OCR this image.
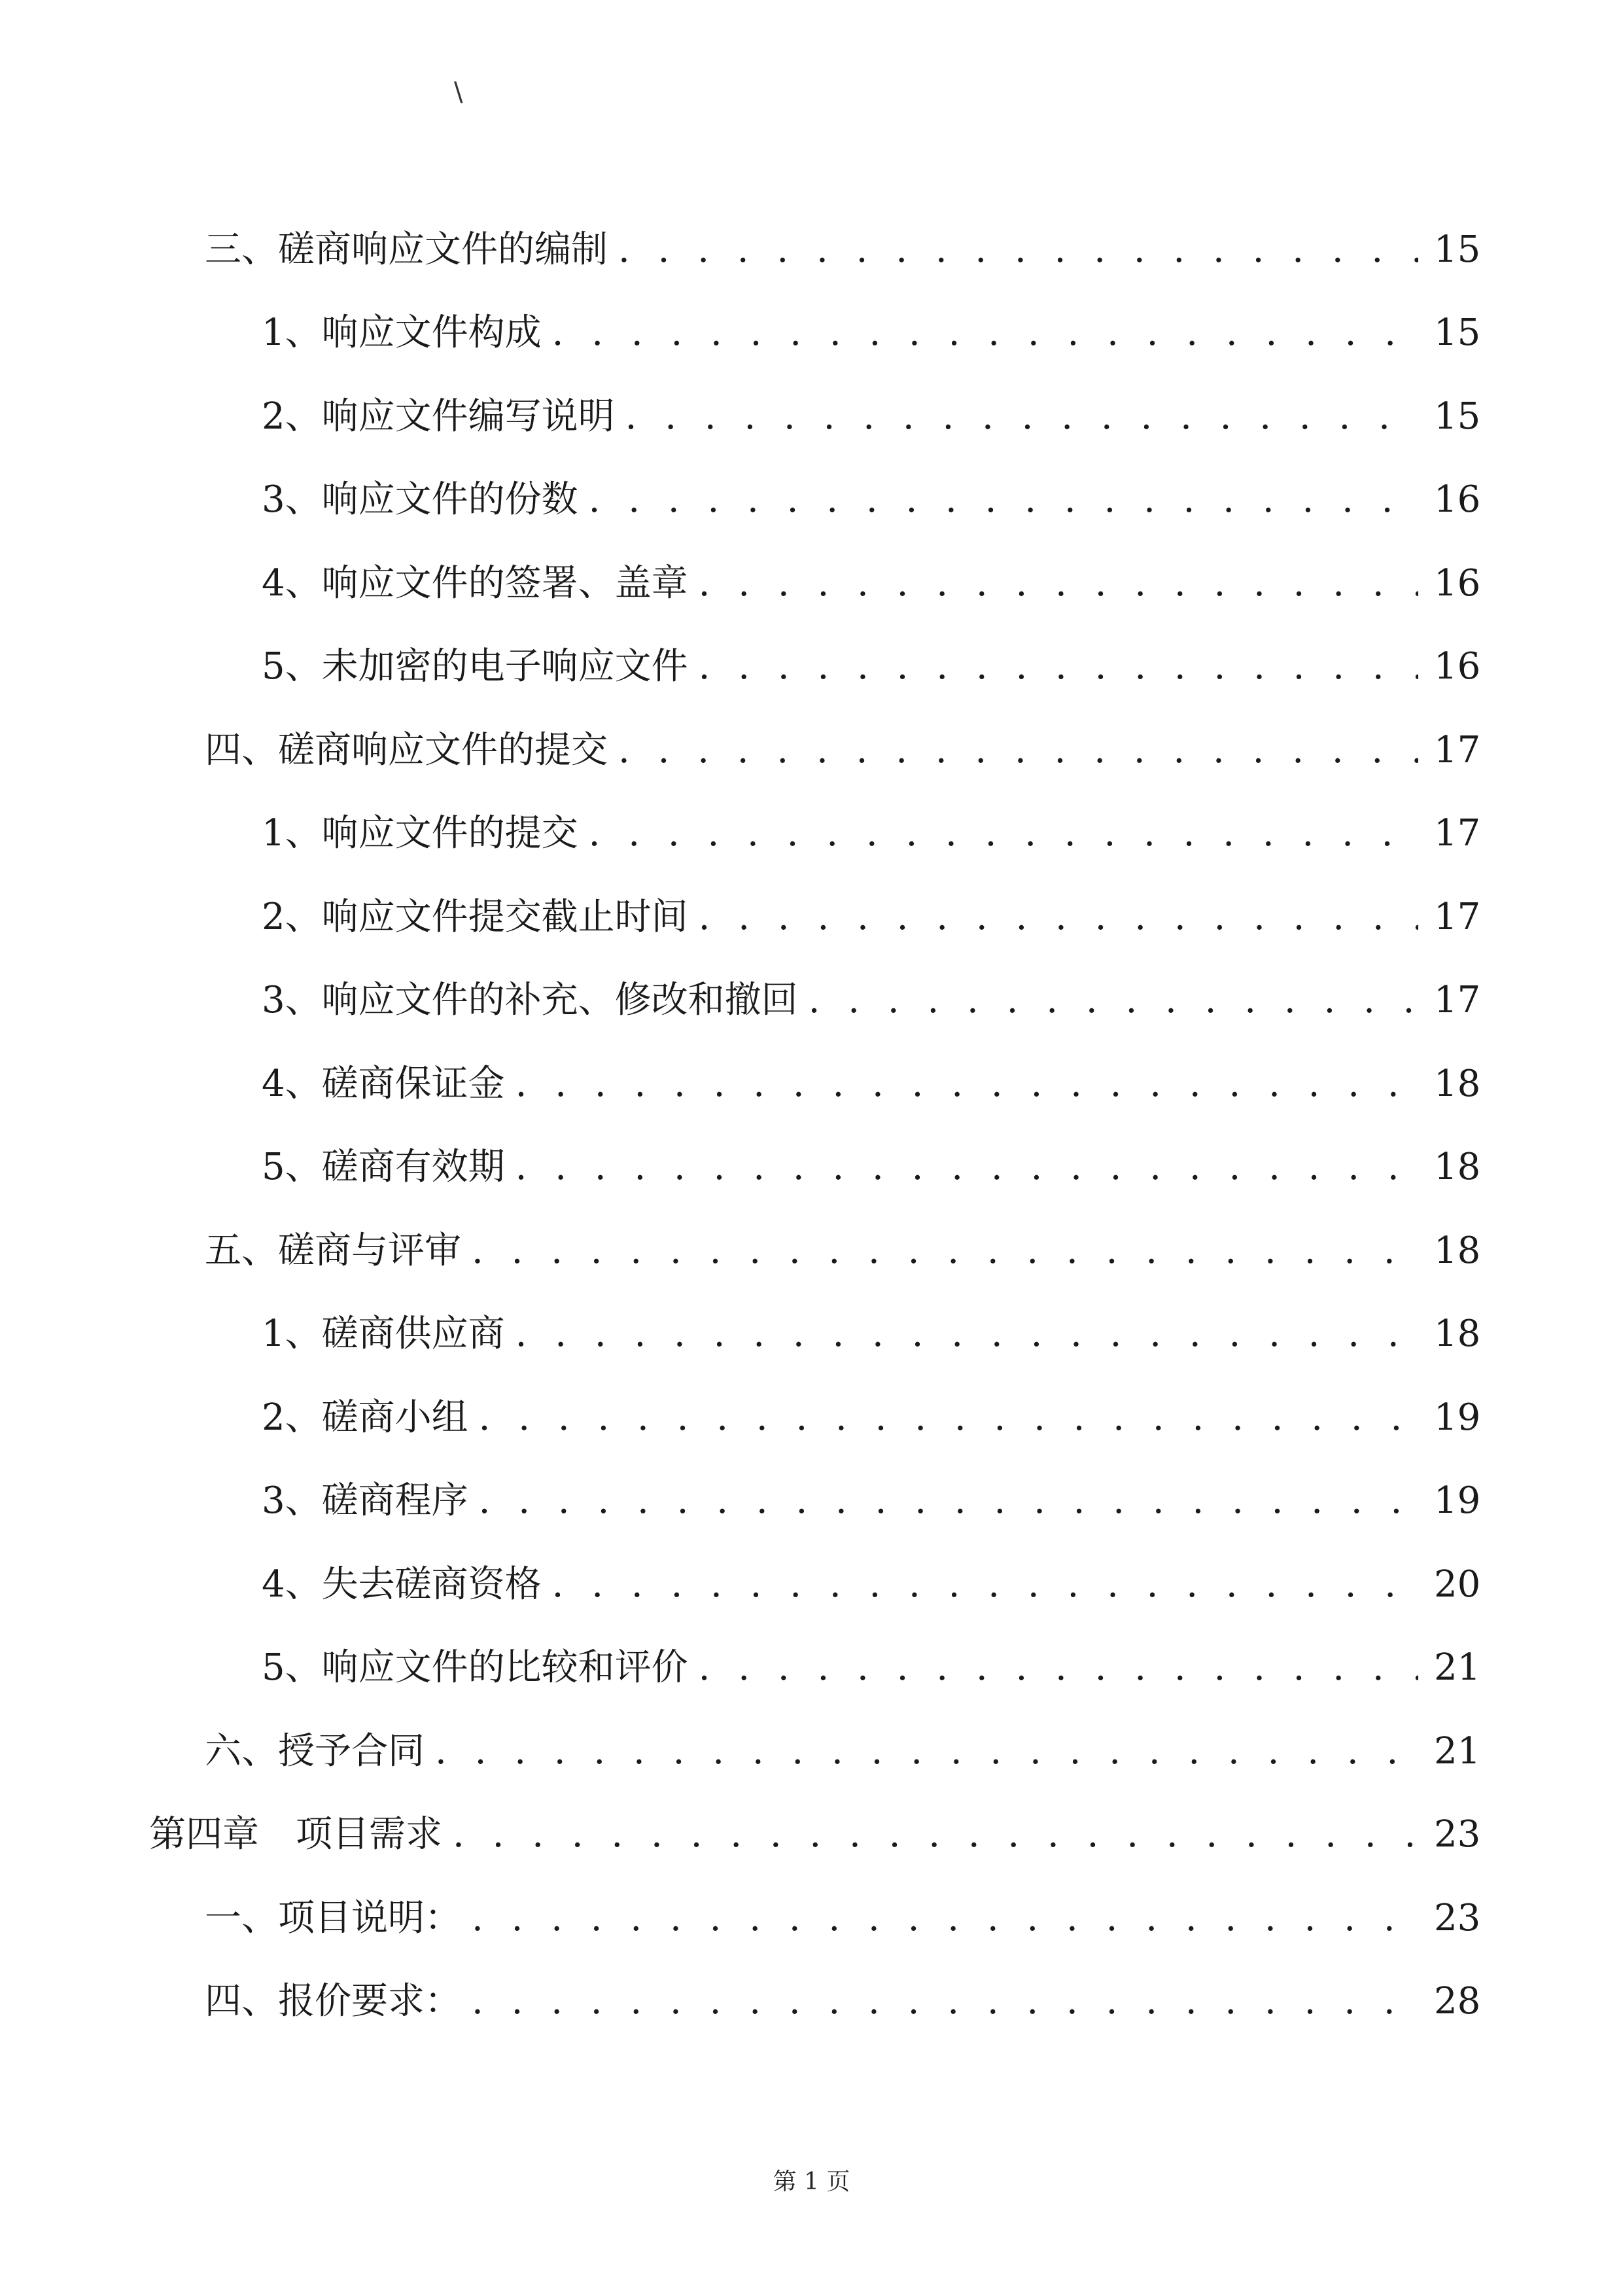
\
三、磋商响应文件的编制 . . .	15
1、响应文件构成 . . .	15
2、响应文件编写说明 . . .	15
3、响应文件的份数 . . .	16
4、响应文件的签署、盖章 . . .	16
5、未加密的电子响应文件 . . .	16
四、磋商响应文件的提交 . . .	17
1、响应文件的提交 . . .	17
2、响应文件提交截止时间 . . .	17
3、响应文件的补充、修改和撤回 . . .	17
4、磋商保证金 . . .	18
5、磋商有效期 . . .	18
五、磋商与评审 . . .	18
1、磋商供应商 . . .	18
2、磋商小组 . . .	19
3、磋商程序 . . .	19
4、失去磋商资格 . . .	20
5、响应文件的比较和评价 . . .	21
六、授予合同 . . .	21
第四章　项目需求 . . .	23
一、项目说明： . . .	23
四、报价要求： . . .	28
第 1 页
